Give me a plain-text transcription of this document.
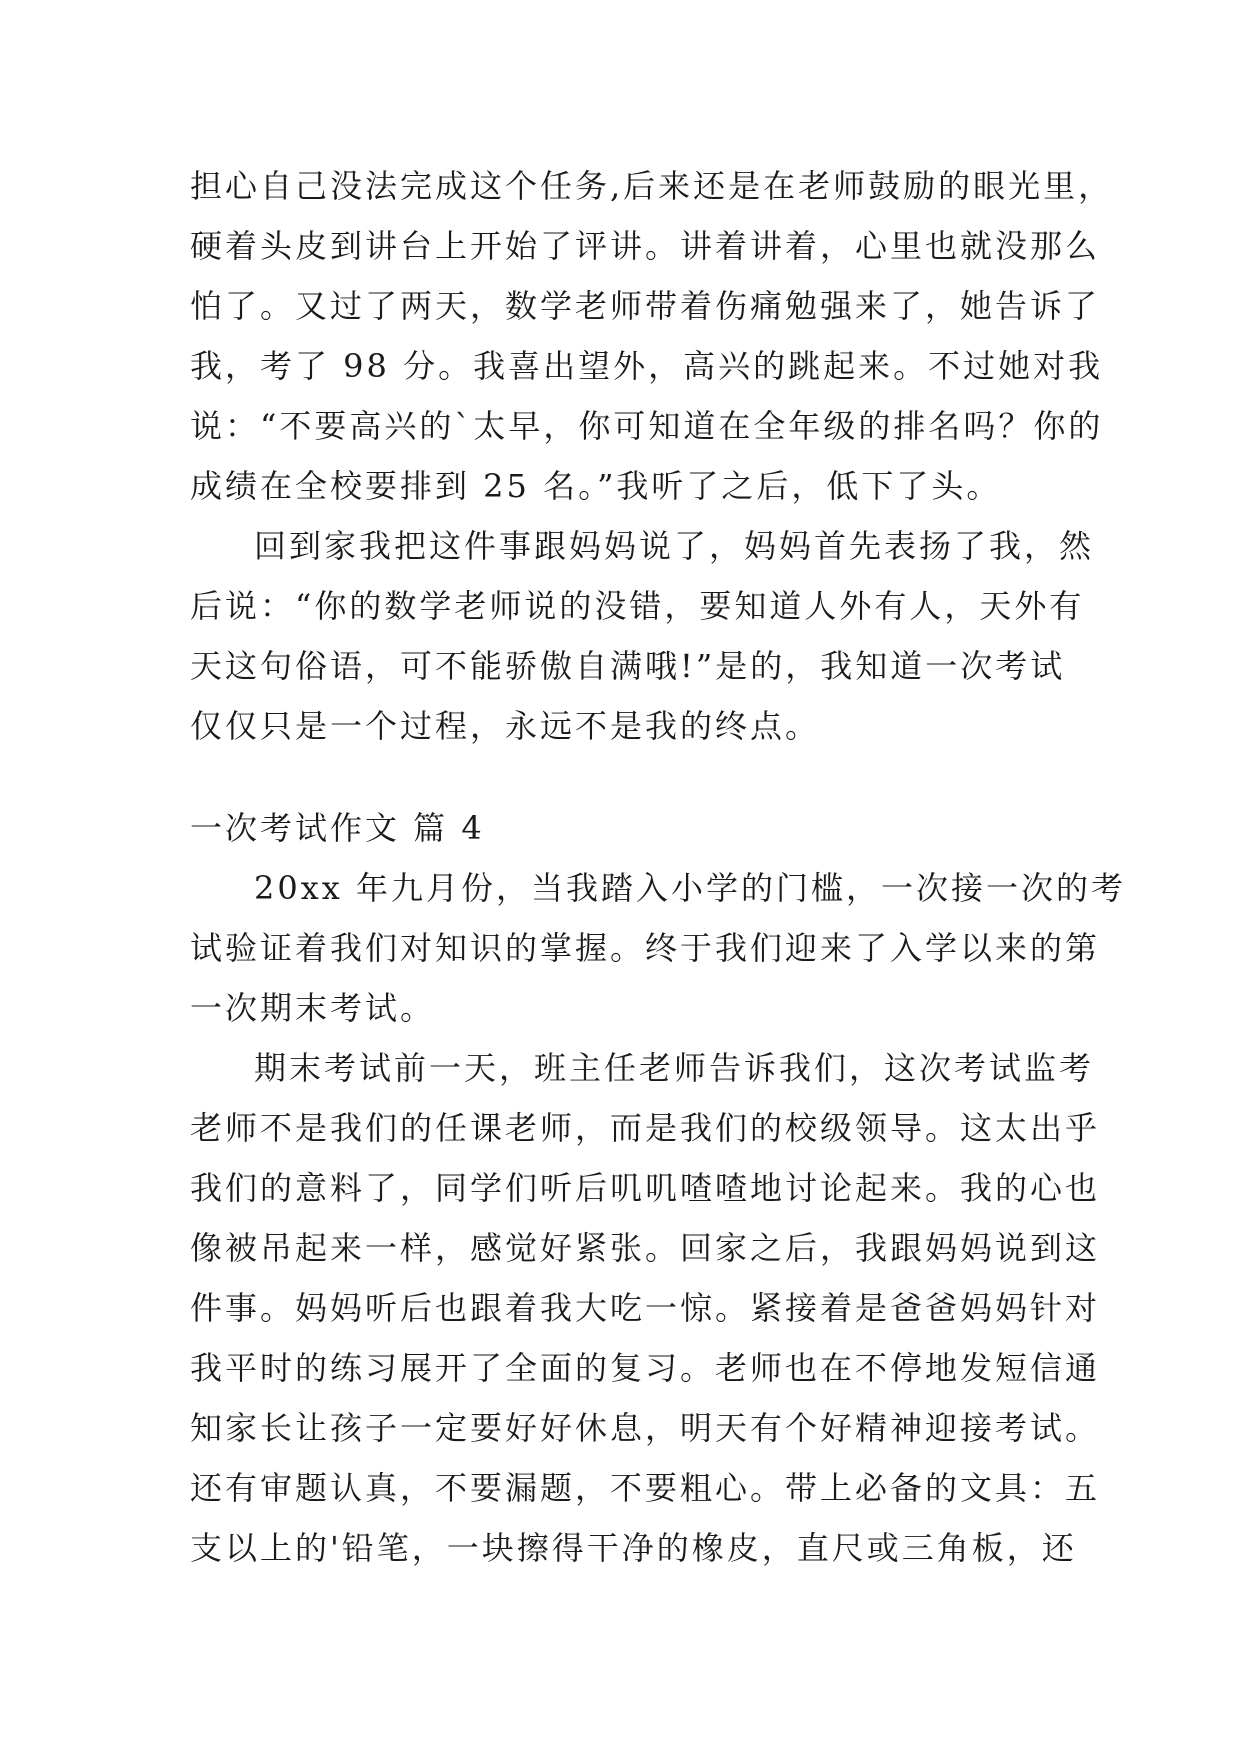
担心自己没法完成这个任务,后来还是在老师鼓励的眼光里，
硬着头皮到讲台上开始了评讲。讲着讲着，心里也就没那么
怕了。又过了两天，数学老师带着伤痛勉强来了，她告诉了
我，考了 98 分。我喜出望外，高兴的跳起来。不过她对我
说：“不要高兴的`太早，你可知道在全年级的排名吗？你的
成绩在全校要排到 25 名。”我听了之后，低下了头。
回到家我把这件事跟妈妈说了，妈妈首先表扬了我，然
后说：“你的数学老师说的没错，要知道人外有人，天外有
天这句俗语，可不能骄傲自满哦!”是的，我知道一次考试
仅仅只是一个过程，永远不是我的终点。
一次考试作文 篇 4
20xx 年九月份，当我踏入小学的门槛，一次接一次的考
试验证着我们对知识的掌握。终于我们迎来了入学以来的第
一次期末考试。
期末考试前一天，班主任老师告诉我们，这次考试监考
老师不是我们的任课老师，而是我们的校级领导。这太出乎
我们的意料了，同学们听后叽叽喳喳地讨论起来。我的心也
像被吊起来一样，感觉好紧张。回家之后，我跟妈妈说到这
件事。妈妈听后也跟着我大吃一惊。紧接着是爸爸妈妈针对
我平时的练习展开了全面的复习。老师也在不停地发短信通
知家长让孩子一定要好好休息，明天有个好精神迎接考试。
还有审题认真，不要漏题，不要粗心。带上必备的文具：五
支以上的'铅笔，一块擦得干净的橡皮，直尺或三角板，还
